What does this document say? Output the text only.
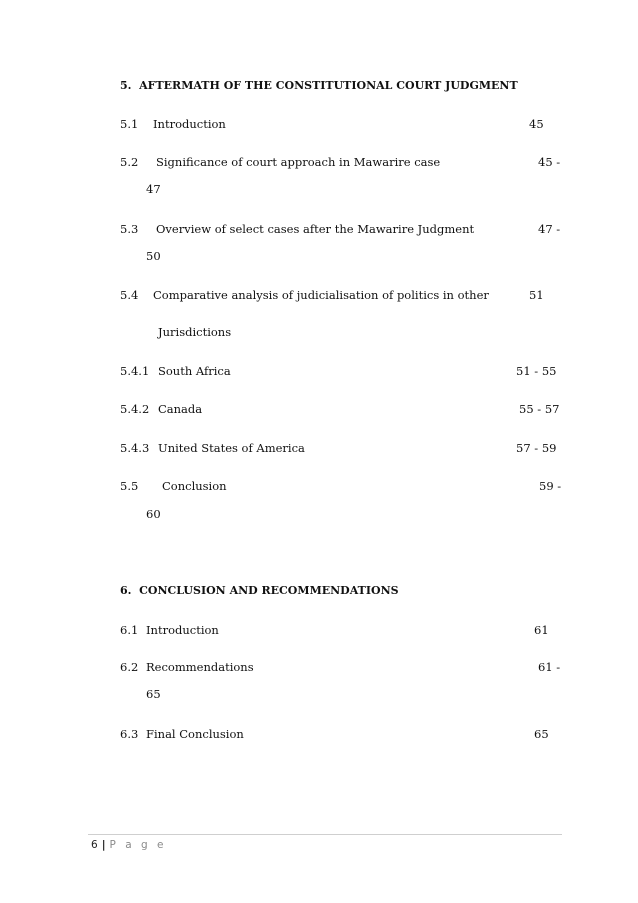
5.  AFTERMATH OF THE CONSTITUTIONAL COURT JUDGMENT
5.1 Introduction	45
5.2 Significance of court approach in Mawarire case	45 -
47
5.3 Overview of select cases after the Mawarire Judgment	47 -
50
5.4 Comparative analysis of judicialisation of politics in other	51
Jurisdictions
5.4.1 South Africa	51 - 55
5.4.2 Canada	55 - 57
5.4.3 United States of America	57 - 59
5.5 Conclusion	59 -
60
6.  CONCLUSION AND RECOMMENDATIONS
6.1 Introduction	61
6.2 Recommendations	61 -
65
6.3 Final Conclusion	65
6 | P a g e
